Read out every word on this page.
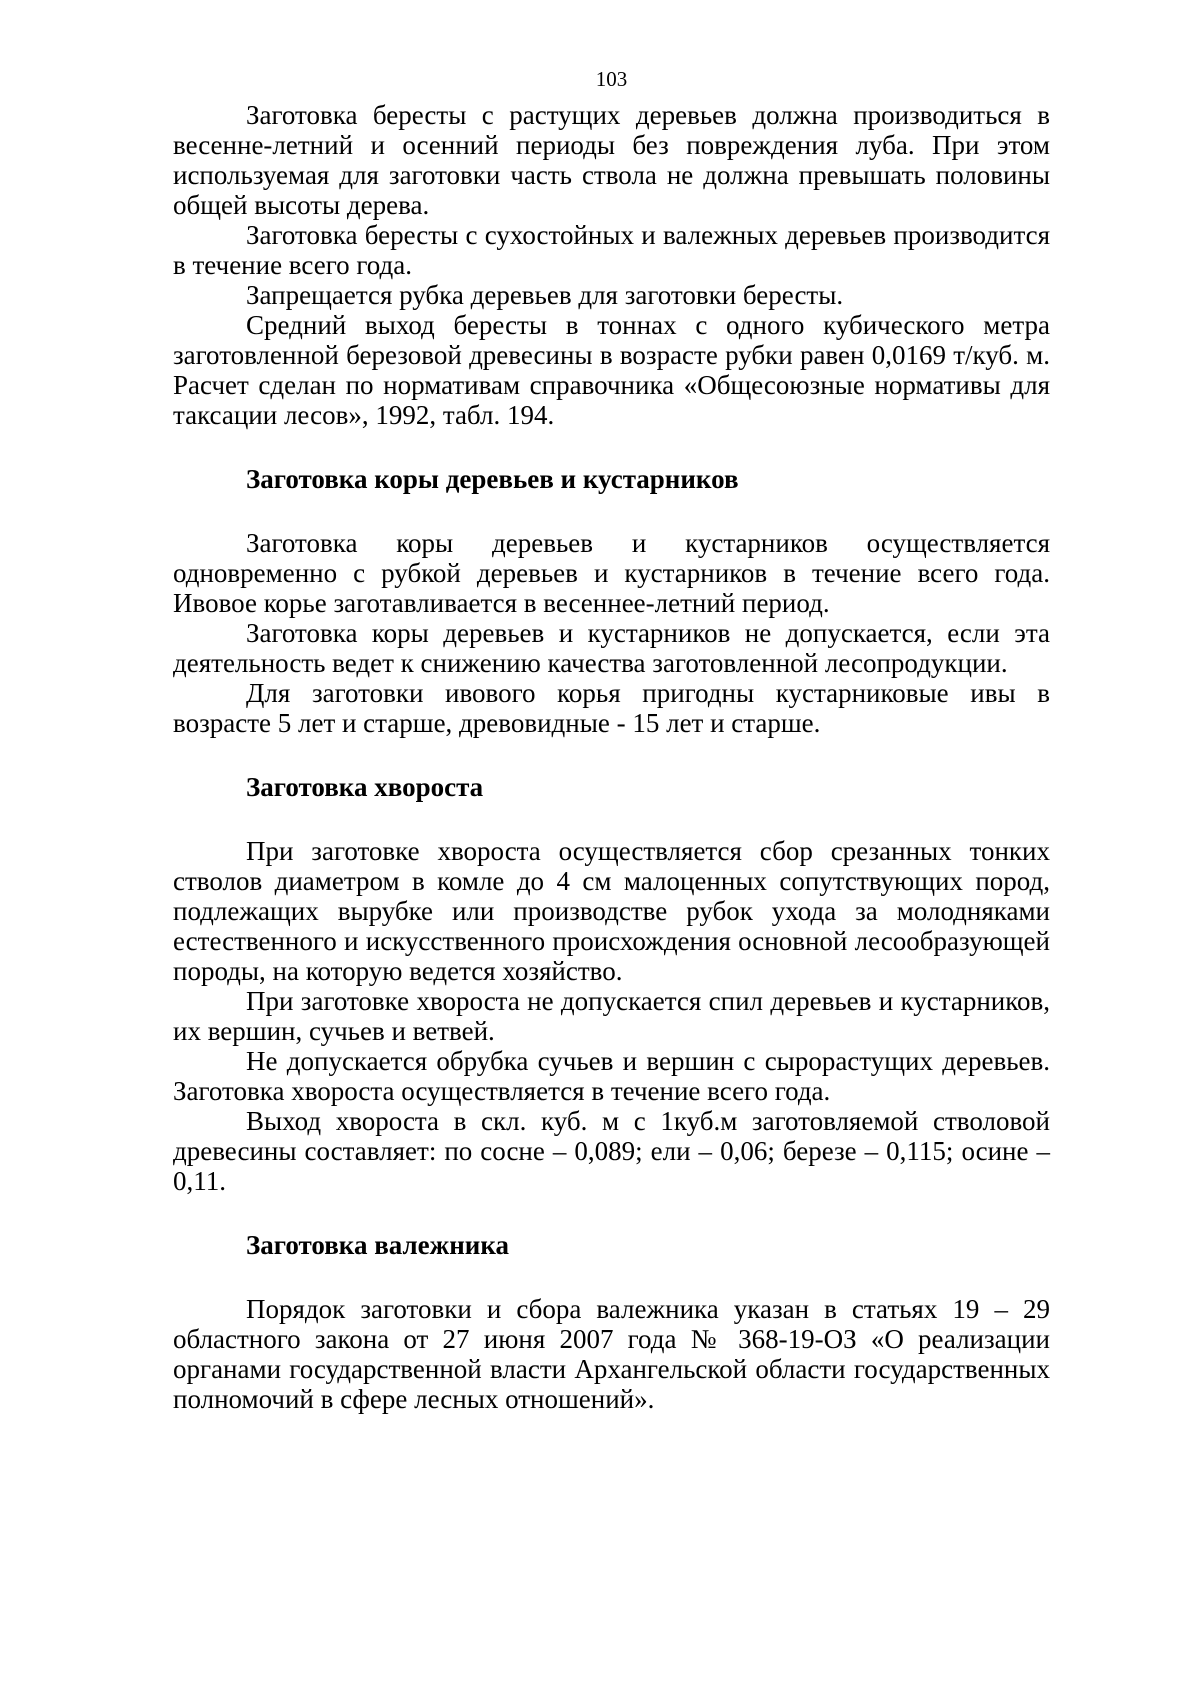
103

Заготовка бересты с растущих деревьев должна производиться в весенне-летний и осенний периоды без повреждения луба. При этом используемая для заготовки часть ствола не должна превышать половины общей высоты дерева.

Заготовка бересты с сухостойных и валежных деревьев производится в течение всего года.

Запрещается рубка деревьев для заготовки бересты.

Средний выход бересты в тоннах с одного кубического метра заготовленной березовой древесины в возрасте рубки равен 0,0169 т/куб. м. Расчет сделан по нормативам справочника «Общесоюзные нормативы для таксации лесов», 1992, табл. 194.

Заготовка коры деревьев и кустарников

Заготовка коры деревьев и кустарников осуществляется одновременно с рубкой деревьев и кустарников в течение всего года. Ивовое корье заготавливается в весеннее-летний период.

Заготовка коры деревьев и кустарников не допускается, если эта деятельность ведет к снижению качества заготовленной лесопродукции.

Для заготовки ивового корья пригодны кустарниковые ивы в возрасте 5 лет и старше, древовидные - 15 лет и старше.

Заготовка хвороста

При заготовке хвороста осуществляется сбор срезанных тонких стволов диаметром в комле до 4 см малоценных сопутствующих пород, подлежащих вырубке или производстве рубок ухода за молодняками естественного и искусственного происхождения основной лесообразующей породы, на которую ведется хозяйство.

При заготовке хвороста не допускается спил деревьев и кустарников, их вершин, сучьев и ветвей.

Не допускается обрубка сучьев и вершин с сырорастущих деревьев. Заготовка хвороста осуществляется в течение всего года.

Выход хвороста в скл. куб. м с 1куб.м заготовляемой стволовой древесины составляет: по сосне – 0,089; ели – 0,06; березе – 0,115; осине – 0,11.

Заготовка валежника

Порядок заготовки и сбора валежника указан в статьях 19 – 29 областного закона от 27 июня 2007 года № 368-19-ОЗ «О реализации органами государственной власти Архангельской области государственных полномочий в сфере лесных отношений».
